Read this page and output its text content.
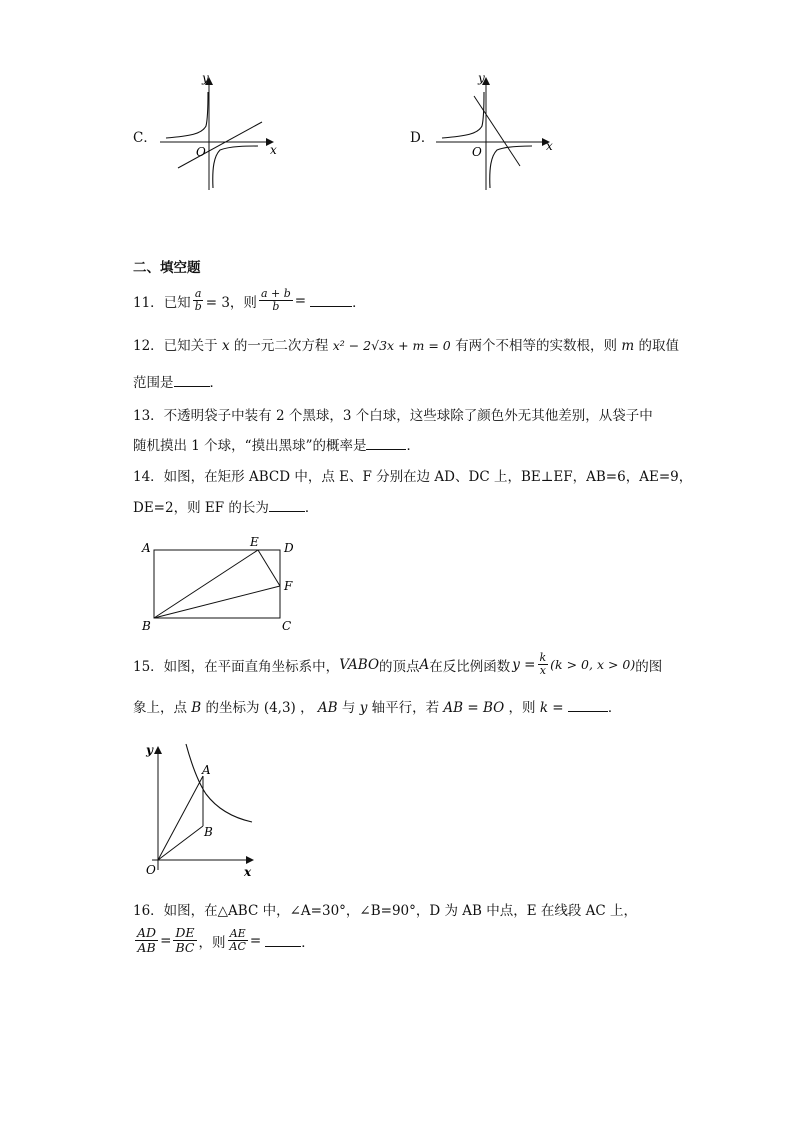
C．
y
x
O
D．
y
x
O
二、填空题
11． 已知 $\frac{a}{b} = 3$，则 $\frac{a + b}{b}$ =	．
12．已知关于 x 的一元二次方程 x² − 2√3x + m = 0 有两个不相等的实数根，则 m 的取值
范围是	．
13．不透明袋子中装有 2 个黑球，3 个白球，这些球除了颜色外无其他差别，从袋子中
随机摸出 1 个球，“摸出黑球”的概率是	．
14．如图，在矩形 ABCD 中，点 E、F 分别在边 AD、DC 上，BE⊥EF，AB=6，AE=9，
DE=2，则 EF 的长为	．
A	E D
F
B	C
15．如图，在平面直角坐标系中， VABO 的顶点 A 在反比例函数 $y = \frac{k}{x} (k > 0$, x > 0) 的图
象上，点 B 的坐标为 (4,3) ， AB 与 y 轴平行，若 AB = BO ，则 k =	．
y
x
A
B
O
16．如图，在△ABC 中，∠A=30°，∠B=90°，D 为 AB 中点，E 在线段 AC 上，
$\frac{AD}{AB} = \frac{DE}{BC}$ ，则 $\frac{AE}{AC}$ =	．
